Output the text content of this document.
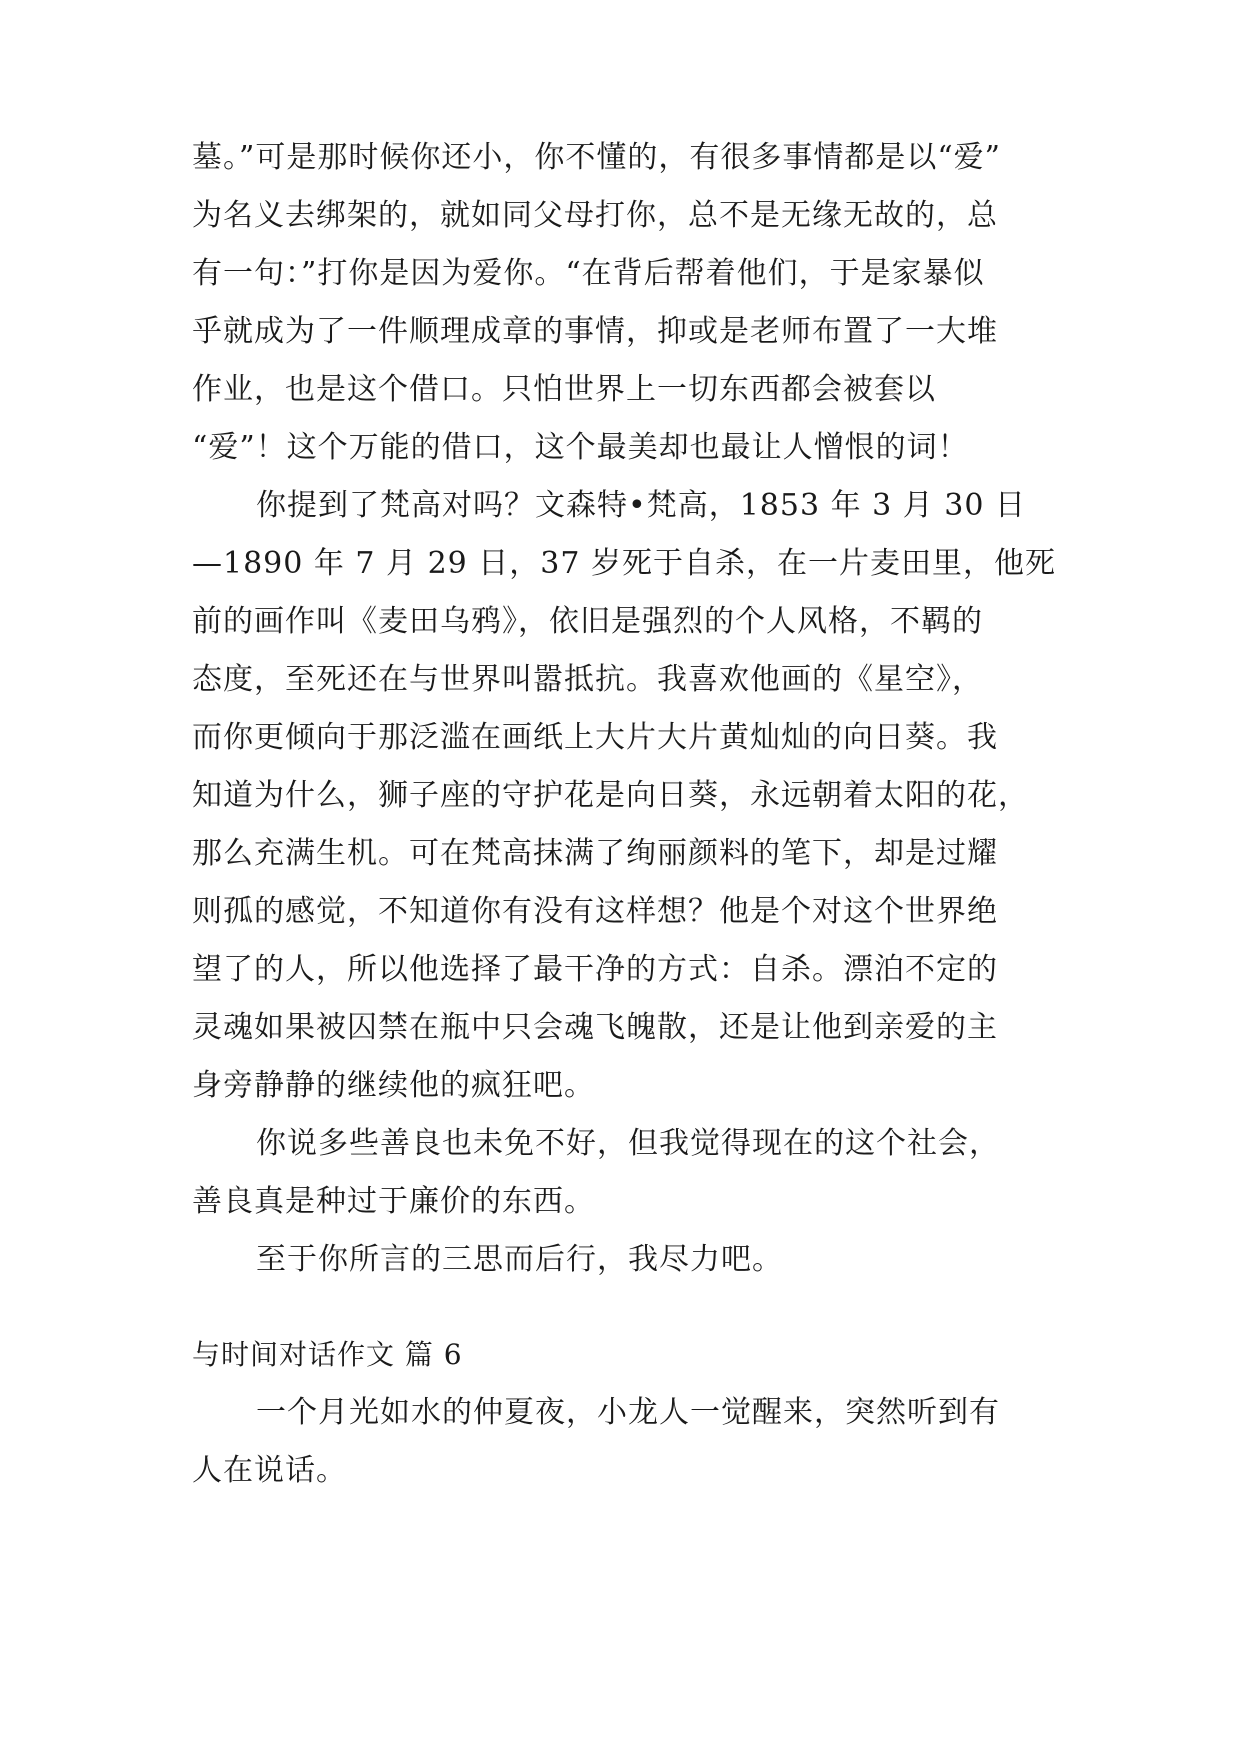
墓。”可是那时候你还小，你不懂的，有很多事情都是以“爱”
为名义去绑架的，就如同父母打你，总不是无缘无故的，总
有一句：”打你是因为爱你。“在背后帮着他们，于是家暴似
乎就成为了一件顺理成章的事情，抑或是老师布置了一大堆
作业，也是这个借口。只怕世界上一切东西都会被套以
“爱”！这个万能的借口，这个最美却也最让人憎恨的词！
你提到了梵高对吗？文森特•梵高，1853 年 3 月 30 日
—1890 年 7 月 29 日，37 岁死于自杀，在一片麦田里，他死
前的画作叫《麦田乌鸦》，依旧是强烈的个人风格，不羁的
态度，至死还在与世界叫嚣抵抗。我喜欢他画的《星空》，
而你更倾向于那泛滥在画纸上大片大片黄灿灿的向日葵。我
知道为什么，狮子座的守护花是向日葵，永远朝着太阳的花，
那么充满生机。可在梵高抹满了绚丽颜料的笔下，却是过耀
则孤的感觉，不知道你有没有这样想？他是个对这个世界绝
望了的人，所以他选择了最干净的方式：自杀。漂泊不定的
灵魂如果被囚禁在瓶中只会魂飞魄散，还是让他到亲爱的主
身旁静静的继续他的疯狂吧。
你说多些善良也未免不好，但我觉得现在的这个社会，
善良真是种过于廉价的东西。
至于你所言的三思而后行，我尽力吧。
与时间对话作文 篇 6
一个月光如水的仲夏夜，小龙人一觉醒来，突然听到有
人在说话。
